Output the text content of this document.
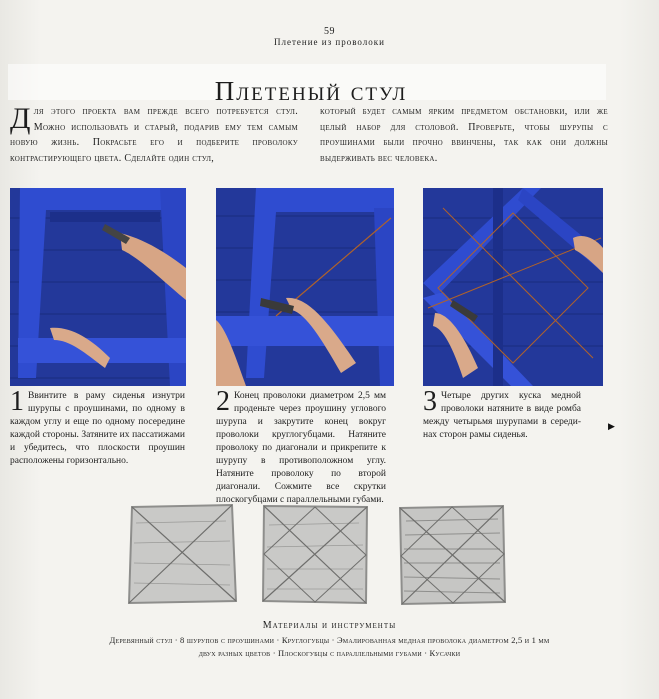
59
Плетение из проволоки
Плетеный стул
Для этого проекта вам прежде всего потребуется стул. Можно использовать и старый, подарив ему тем самым новую жизнь. Покрасьте его и подберите проволоку контрастирующего цвета. Сделайте один стул,
который будет самым ярким предметом обстановки, или же целый набор для столовой. Проверьте, чтобы шурупы с проушинами были прочно ввинчены, так как они должны выдерживать вес человека.
1 Ввинтите в раму сиденья изнутри шурупы с проушинами, по одному в каждом углу и еще по одному посередине каждой стороны. Затяните их пассатижами и убедитесь, что плоскости проушин расположены горизонтально.
2 Конец проволоки диаметром 2,5 мм проденьте через проушину углового шурупа и закрутите конец вокруг проволоки круглогубцами. Натяните проволоку по диагонали и прикрепите к шурупу в противоположном углу. Натяните проволоку по второй диагонали. Сожмите все скрутки плоскогубцами с параллельными губами.
3 Четыре других куска медной проволоки натяните в виде ромба между четырьмя шурупами в середи- нах сторон рамы сиденья.
▶
Материалы и инструменты
Деревянный стул · 8 шурупов с проушинами · Круглогубцы · Эмалированная медная проволока диаметром 2,5 и 1 мм
двух разных цветов · Плоскогубцы с параллельными губами · Кусачки
